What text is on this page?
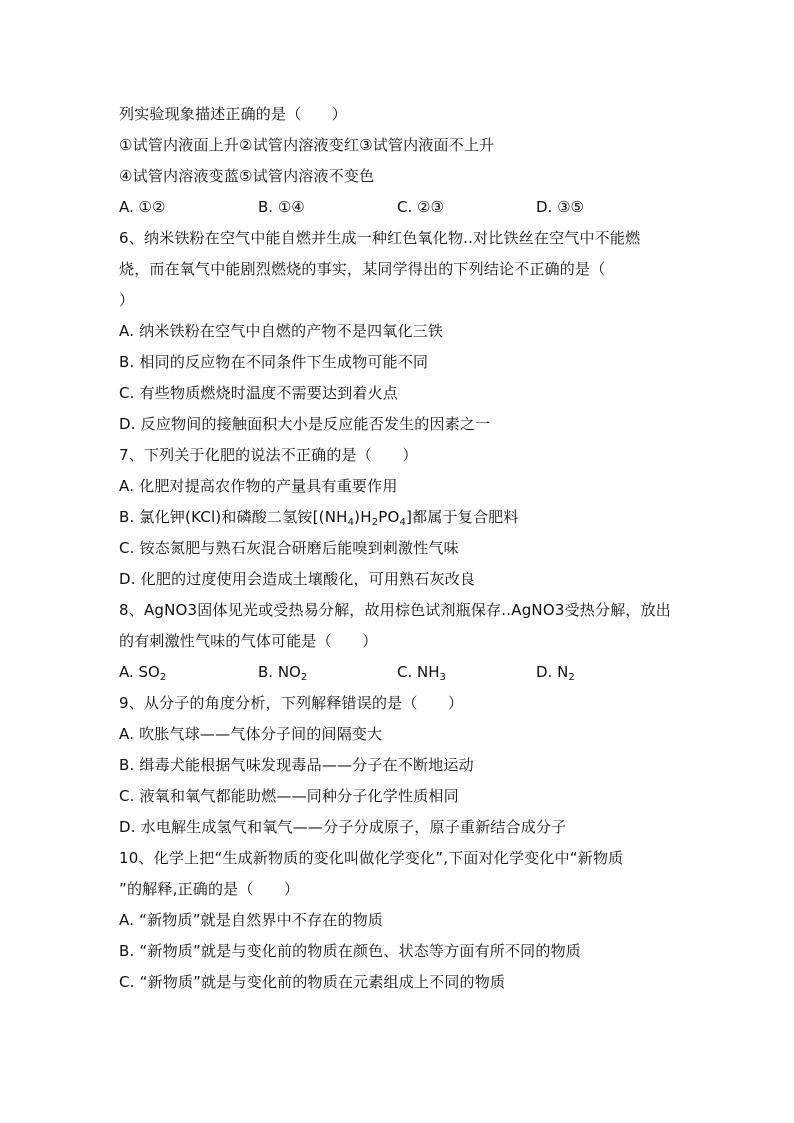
列实验现象描述正确的是（　　）
①试管内液面上升②试管内溶液变红③试管内液面不上升
④试管内溶液变蓝⑤试管内溶液不变色
A. ①②	B. ①④	C. ②③	D. ③⑤
6、纳米铁粉在空气中能自燃并生成一种红色氧化物..对比铁丝在空气中不能燃
烧，而在氧气中能剧烈燃烧的事实，某同学得出的下列结论不正确的是（
）
A. 纳米铁粉在空气中自燃的产物不是四氧化三铁
B. 相同的反应物在不同条件下生成物可能不同
C. 有些物质燃烧时温度不需要达到着火点
D. 反应物间的接触面积大小是反应能否发生的因素之一
7、下列关于化肥的说法不正确的是（　　）
A. 化肥对提高农作物的产量具有重要作用
B. 氯化钾(KCl)和磷酸二氢铵$[(NH_4)H_2PO_4]$都属于复合肥料
C. 铵态氮肥与熟石灰混合研磨后能嗅到刺激性气味
D. 化肥的过度使用会造成土壤酸化，可用熟石灰改良
8、AgNO3固体见光或受热易分解，故用棕色试剂瓶保存..AgNO3受热分解，放出
的有刺激性气味的气体可能是（　　）
A. $SO_2$	B. $NO_2$	C. $NH_3$	D. $N_2$
9、从分子的角度分析，下列解释错误的是（　　）
A. 吹胀气球——气体分子间的间隔变大
B. 缉毒犬能根据气味发现毒品——分子在不断地运动
C. 液氧和氧气都能助燃——同种分子化学性质相同
D. 水电解生成氢气和氧气——分子分成原子，原子重新结合成分子
10、化学上把“生成新物质的变化叫做化学变化”,下面对化学变化中“新物质
”的解释,正确的是（　　）
A. “新物质”就是自然界中不存在的物质
B. “新物质”就是与变化前的物质在颜色、状态等方面有所不同的物质
C. “新物质”就是与变化前的物质在元素组成上不同的物质
